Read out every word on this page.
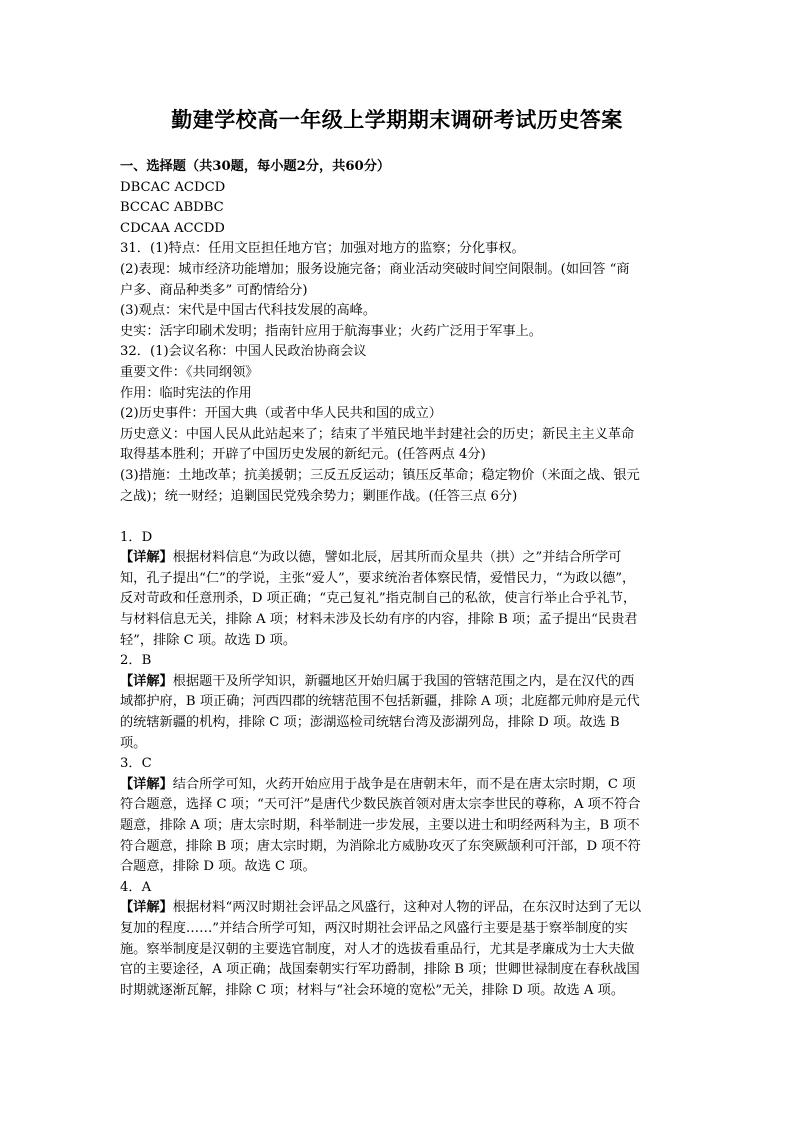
勤建学校高一年级上学期期末调研考试历史答案

一、选择题（共30题，每小题2分，共60分）

DBCAC ACDCD

BCCAC ABDBC

CDCAA ACCDD

31．(1)特点：任用文臣担任地方官；加强对地方的监察；分化事权。

(2)表现：城市经济功能增加；服务设施完备；商业活动突破时间空间限制。(如回答 “商

户多、商品种类多” 可酌情给分)

(3)观点：宋代是中国古代科技发展的高峰。

史实：活字印刷术发明；指南针应用于航海事业；火药广泛用于军事上。

32．(1)会议名称：中国人民政治协商会议

重要文件：《共同纲领》

作用：临时宪法的作用

(2)历史事件：开国大典（或者中华人民共和国的成立）

历史意义：中国人民从此站起来了；结束了半殖民地半封建社会的历史；新民主主义革命

取得基本胜利；开辟了中国历史发展的新纪元。(任答两点 4分)

(3)措施：土地改革；抗美援朝；三反五反运动；镇压反革命；稳定物价（米面之战、银元

之战)；统一财经；追剿国民党残余势力；剿匪作战。(任答三点 6分)

1．D

【详解】根据材料信息“为政以德，譬如北辰，居其所而众星共（拱）之”并结合所学可

知，孔子提出“仁”的学说，主张“爱人”，要求统治者体察民情，爱惜民力，“为政以德”，

反对苛政和任意刑杀，D 项正确；“克己复礼”指克制自己的私欲，使言行举止合乎礼节，

与材料信息无关，排除 A 项；材料未涉及长幼有序的内容，排除 B 项；孟子提出“民贵君

轻”，排除 C 项。故选 D 项。

2．B

【详解】根据题干及所学知识，新疆地区开始归属于我国的管辖范围之内，是在汉代的西

域都护府，B 项正确；河西四郡的统辖范围不包括新疆，排除 A 项；北庭都元帅府是元代

的统辖新疆的机构，排除 C 项；澎湖巡检司统辖台湾及澎湖列岛，排除 D 项。故选 B

项。

3．C

【详解】结合所学可知，火药开始应用于战争是在唐朝末年，而不是在唐太宗时期，C 项

符合题意，选择 C 项；“天可汗”是唐代少数民族首领对唐太宗李世民的尊称，A 项不符合

题意，排除 A 项；唐太宗时期，科举制进一步发展，主要以进士和明经两科为主，B 项不

符合题意，排除 B 项；唐太宗时期，为消除北方威胁攻灭了东突厥颉利可汗部，D 项不符

合题意，排除 D 项。故选 C 项。

4．A

【详解】根据材料“两汉时期社会评品之风盛行，这种对人物的评品，在东汉时达到了无以

复加的程度……”并结合所学可知，两汉时期社会评品之风盛行主要是基于察举制度的实

施。察举制度是汉朝的主要选官制度，对人才的选拔看重品行，尤其是孝廉成为士大夫做

官的主要途径，A 项正确；战国秦朝实行军功爵制，排除 B 项；世卿世禄制度在春秋战国

时期就逐渐瓦解，排除 C 项；材料与“社会环境的宽松”无关，排除 D 项。故选 A 项。
